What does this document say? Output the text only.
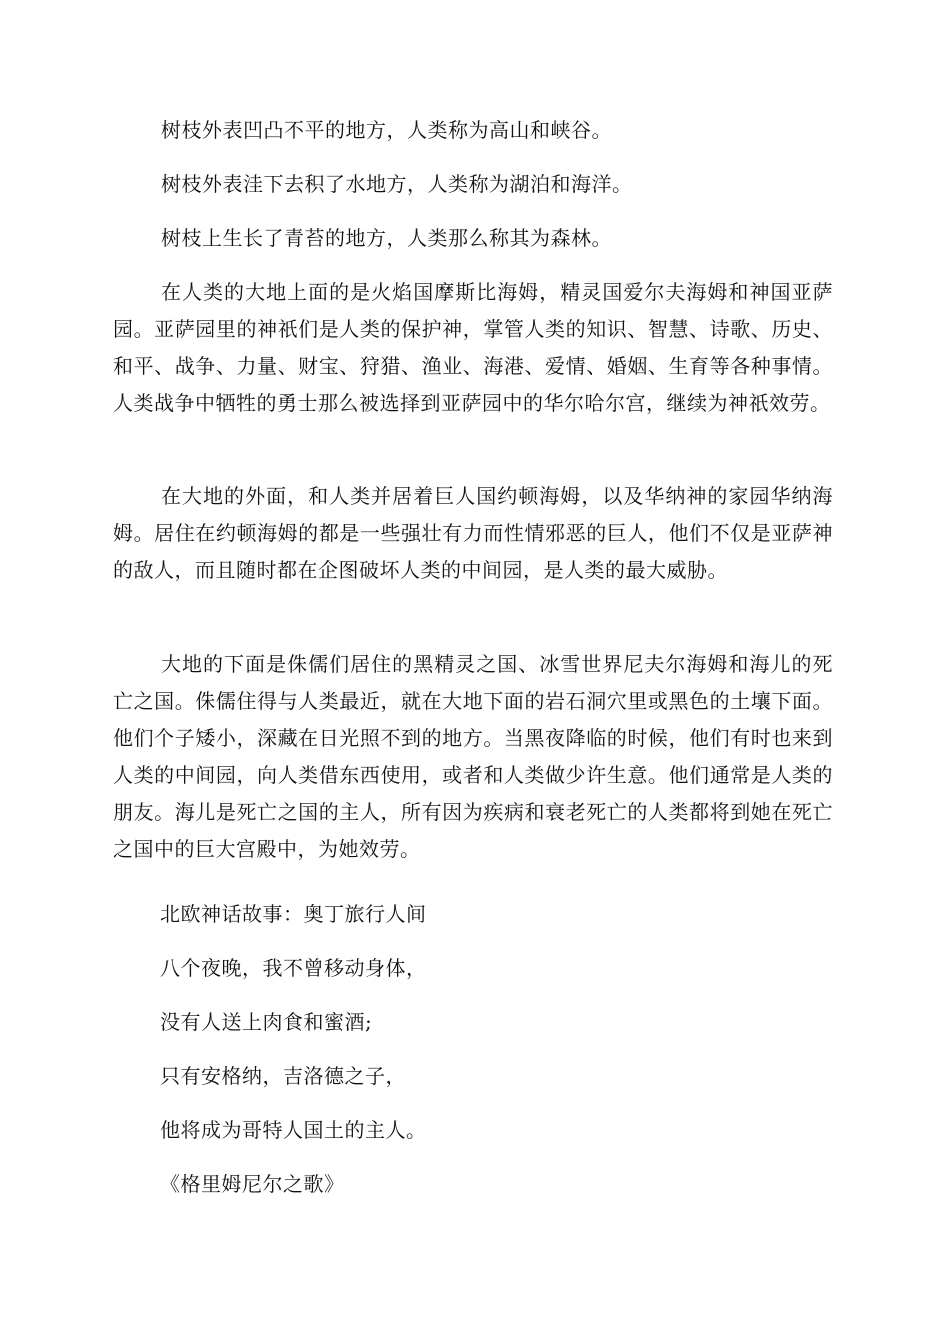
树枝外表凹凸不平的地方，人类称为高山和峡谷。

树枝外表洼下去积了水地方，人类称为湖泊和海洋。

树枝上生长了青苔的地方，人类那么称其为森林。

在人类的大地上面的是火焰国摩斯比海姆，精灵国爱尔夫海姆和神国亚萨园。亚萨园里的神祇们是人类的保护神，掌管人类的知识、智慧、诗歌、历史、和平、战争、力量、财宝、狩猎、渔业、海港、爱情、婚姻、生育等各种事情。人类战争中牺牲的勇士那么被选择到亚萨园中的华尔哈尔宫，继续为神祇效劳。

在大地的外面，和人类并居着巨人国约顿海姆，以及华纳神的家园华纳海姆。居住在约顿海姆的都是一些强壮有力而性情邪恶的巨人，他们不仅是亚萨神的敌人，而且随时都在企图破坏人类的中间园，是人类的最大威胁。

大地的下面是侏儒们居住的黑精灵之国、冰雪世界尼夫尔海姆和海儿的死亡之国。侏儒住得与人类最近，就在大地下面的岩石洞穴里或黑色的土壤下面。他们个子矮小，深藏在日光照不到的地方。当黑夜降临的时候，他们有时也来到人类的中间园，向人类借东西使用，或者和人类做少许生意。他们通常是人类的朋友。海儿是死亡之国的主人，所有因为疾病和衰老死亡的人类都将到她在死亡之国中的巨大宫殿中，为她效劳。

北欧神话故事：奥丁旅行人间

八个夜晚，我不曾移动身体，

没有人送上肉食和蜜酒;

只有安格纳，吉洛德之子，

他将成为哥特人国土的主人。

《格里姆尼尔之歌》
